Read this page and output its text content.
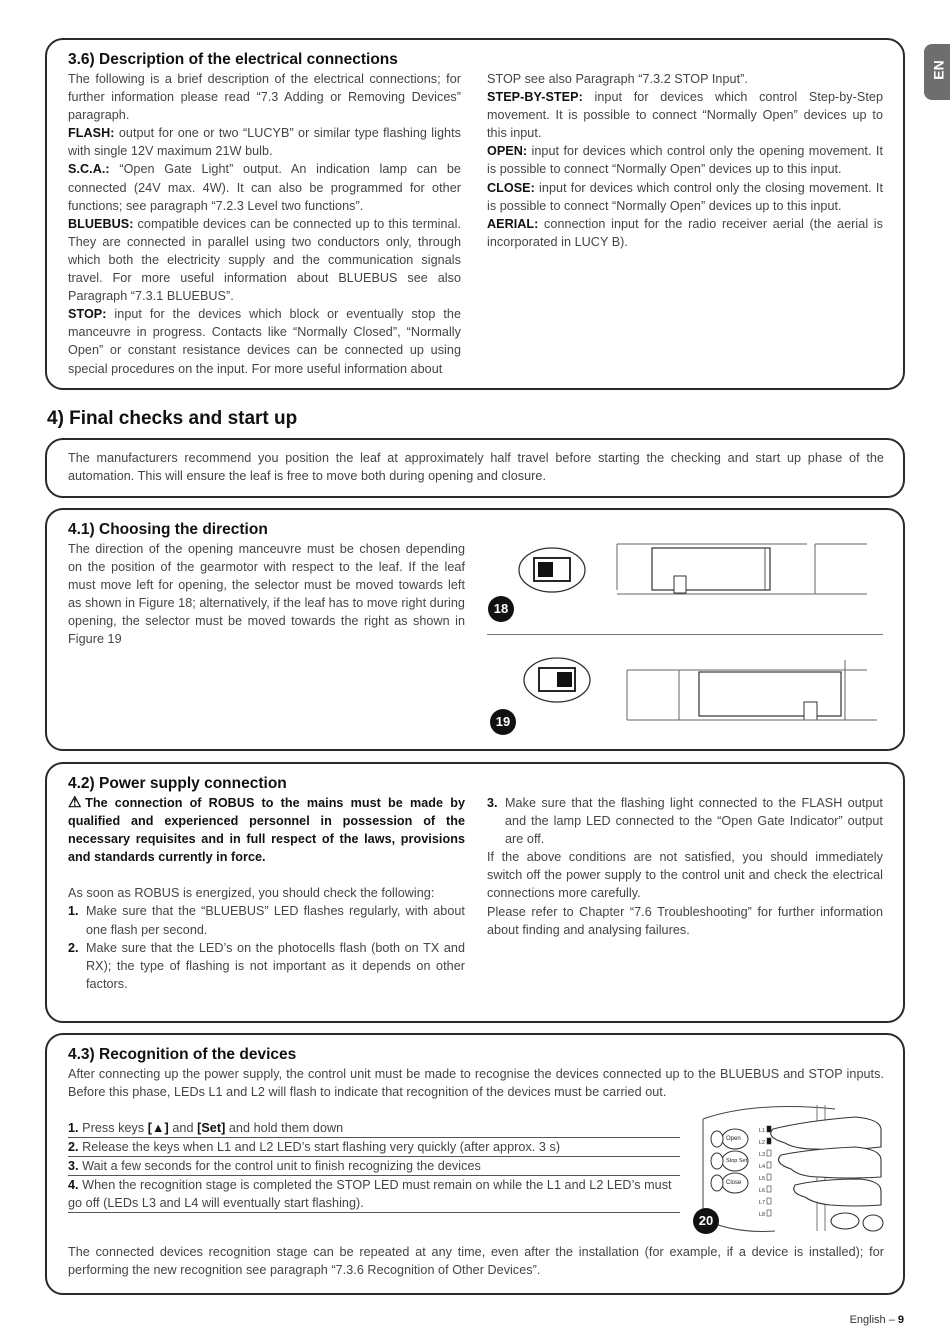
EN
3.6) Description of the electrical connections

The following is a brief description of the electrical connections; for further information please read “7.3 Adding or Removing Devices” paragraph.

FLASH: output for one or two “LUCYB” or similar type flashing lights with single 12V maximum 21W bulb.

S.C.A.: “Open Gate Light” output. An indication lamp can be connected (24V max. 4W). It can also be programmed for other functions; see paragraph “7.2.3 Level two functions”.

BLUEBUS: compatible devices can be connected up to this terminal. They are connected in parallel using two conductors only, through which both the electricity supply and the communication signals travel. For more useful information about BLUEBUS see also Paragraph “7.3.1 BLUEBUS”.

STOP: input for the devices which block or eventually stop the manceuvre in progress. Contacts like “Normally Closed”, “Normally Open” or constant resistance devices can be connected up using special procedures on the input. For more useful information about

STOP see also Paragraph “7.3.2 STOP Input”.

STEP-BY-STEP: input for devices which control Step-by-Step movement. It is possible to connect “Normally Open” devices up to this input.

OPEN: input for devices which control only the opening movement. It is possible to connect “Normally Open” devices up to this input.

CLOSE: input for devices which control only the closing movement. It is possible to connect “Normally Open” devices up to this input.

AERIAL: connection input for the radio receiver aerial (the aerial is incorporated in LUCY B).

4) Final checks and start up

The manufacturers recommend you position the leaf at approximately half travel before starting the checking and start up phase of the automation. This will ensure the leaf is free to move both during opening and closure.

4.1) Choosing the direction

The direction of the opening manceuvre must be chosen depending on the position of the gearmotor with respect to the leaf. If the leaf must move left for opening, the selector must be moved towards left as shown in Figure 18; alternatively, if the leaf has to move right during opening, the selector must be moved towards the right as shown in Figure 19

18
19
4.2) Power supply connection

⚠The connection of ROBUS to the mains must be made by qualified and experienced personnel in possession of the necessary requisites and in full respect of the laws, provisions and standards currently in force.

As soon as ROBUS is energized, you should check the following:

1. Make sure that the “BLUEBUS” LED flashes regularly, with about one flash per second.
2. Make sure that the LED’s on the photocells flash (both on TX and RX); the type of flashing is not important as it depends on other factors.
3. Make sure that the flashing light connected to the FLASH output and the lamp LED connected to the “Open Gate Indicator” output are off.

If the above conditions are not satisfied, you should immediately switch off the power supply to the control unit and check the electrical connections more carefully.

Please refer to Chapter “7.6 Troubleshooting” for further information about finding and analysing failures.

4.3) Recognition of the devices

After connecting up the power supply, the control unit must be made to recognise the devices connected up to the BLUEBUS and STOP inputs. Before this phase, LEDs L1 and L2 will flash to indicate that recognition of the devices must be carried out.

1. Press keys [▲] and [Set] and hold them down
2. Release the keys when L1 and L2 LED’s start flashing very quickly (after approx. 3 s)
3. Wait a few seconds for the control unit to finish recognizing the devices
4. When the recognition stage is completed the STOP LED must remain on while the L1 and L2 LED’s must go off (LEDs L3 and L4 will eventually start flashing).
Open
Stop Set
Close
L1
L2
L3
L4
L5
L6
L7
L8
20

The connected devices recognition stage can be repeated at any time, even after the installation (for example, if a device is installed); for performing the new recognition see paragraph “7.3.6 Recognition of Other Devices”.

English – 9
